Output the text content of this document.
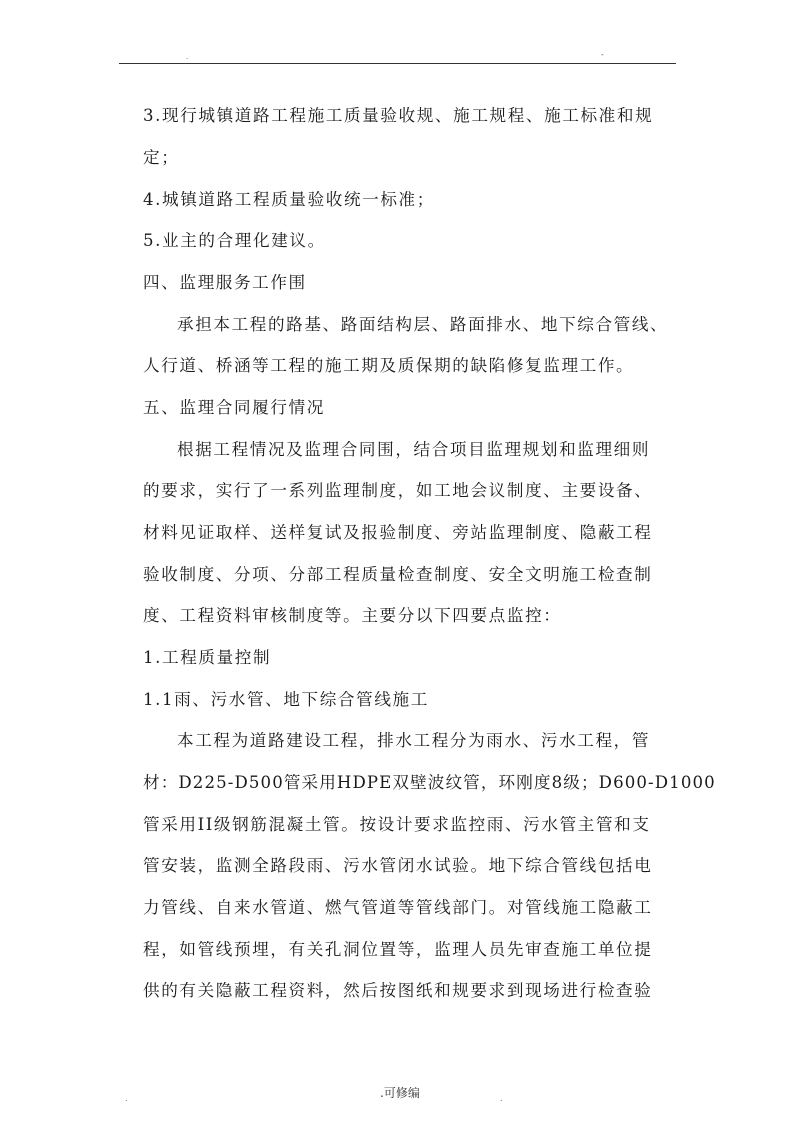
.	-
3.现行城镇道路工程施工质量验收规、施工规程、施工标准和规
定；
4.城镇道路工程质量验收统一标准；
5.业主的合理化建议。
四、监理服务工作围
承担本工程的路基、路面结构层、路面排水、地下综合管线、
人行道、桥涵等工程的施工期及质保期的缺陷修复监理工作。
五、监理合同履行情况
根据工程情况及监理合同围，结合项目监理规划和监理细则
的要求，实行了一系列监理制度，如工地会议制度、主要设备、
材料见证取样、送样复试及报验制度、旁站监理制度、隐蔽工程
验收制度、分项、分部工程质量检查制度、安全文明施工检查制
度、工程资料审核制度等。主要分以下四要点监控：
1.工程质量控制
1.1雨、污水管、地下综合管线施工
本工程为道路建设工程，排水工程分为雨水、污水工程，管
材：D225-D500管采用HDPE双壁波纹管，环刚度8级；D600-D1000
管采用II级钢筋混凝土管。按设计要求监控雨、污水管主管和支
管安装，监测全路段雨、污水管闭水试验。地下综合管线包括电
力管线、自来水管道、燃气管道等管线部门。对管线施工隐蔽工
程，如管线预埋，有关孔洞位置等，监理人员先审查施工单位提
供的有关隐蔽工程资料，然后按图纸和规要求到现场进行检查验
.	.可修编	.
